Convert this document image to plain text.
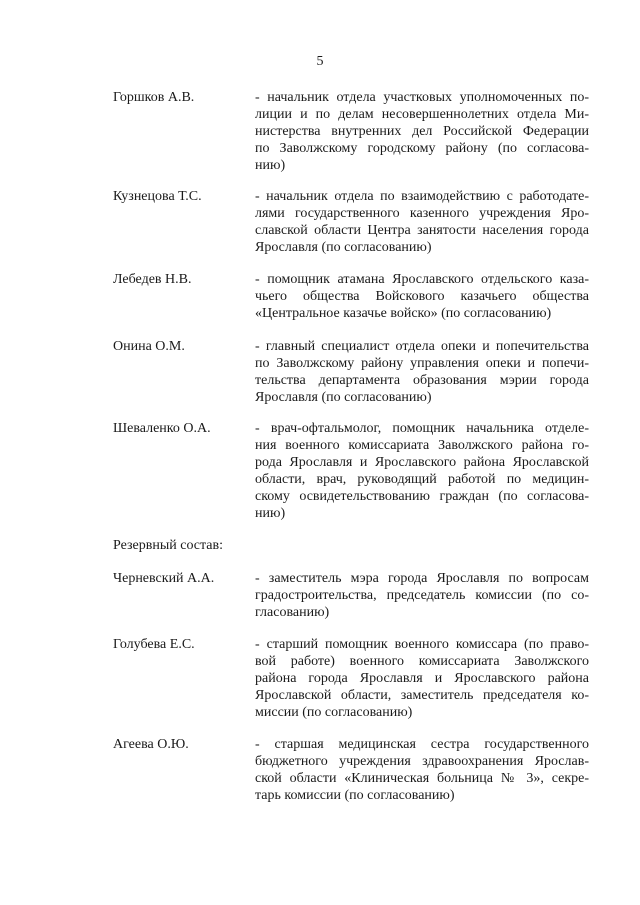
5
Горшков А.В.	- начальник отдела участковых уполномоченных по-
лиции и по делам несовершеннолетних отдела Ми-
нистерства внутренних дел Российской Федерации
по Заволжскому городскому району (по согласова-
нию)
Кузнецова Т.С.	- начальник отдела по взаимодействию с работодате-
лями государственного казенного учреждения Яро-
славской области Центра занятости населения города
Ярославля (по согласованию)
Лебедев Н.В.	- помощник атамана Ярославского отдельского каза-
чьего общества Войскового казачьего общества
«Центральное казачье войско» (по согласованию)
Онина О.М.	- главный специалист отдела опеки и попечительства
по Заволжскому району управления опеки и попечи-
тельства департамента образования мэрии города
Ярославля (по согласованию)
Шеваленко О.А.	- врач-офтальмолог, помощник начальника отделе-
ния военного комиссариата Заволжского района го-
рода Ярославля и Ярославского района Ярославской
области, врач, руководящий работой по медицин-
скому освидетельствованию граждан (по согласова-
нию)
Резервный состав:
Черневский А.А.	- заместитель мэра города Ярославля по вопросам
градостроительства, председатель комиссии (по со-
гласованию)
Голубева Е.С.	- старший помощник военного комиссара (по право-
вой работе) военного комиссариата Заволжского
района города Ярославля и Ярославского района
Ярославской области, заместитель председателя ко-
миссии (по согласованию)
Агеева О.Ю.	- старшая медицинская сестра государственного
бюджетного учреждения здравоохранения Ярослав-
ской области «Клиническая больница № 3», секре-
тарь комиссии (по согласованию)
